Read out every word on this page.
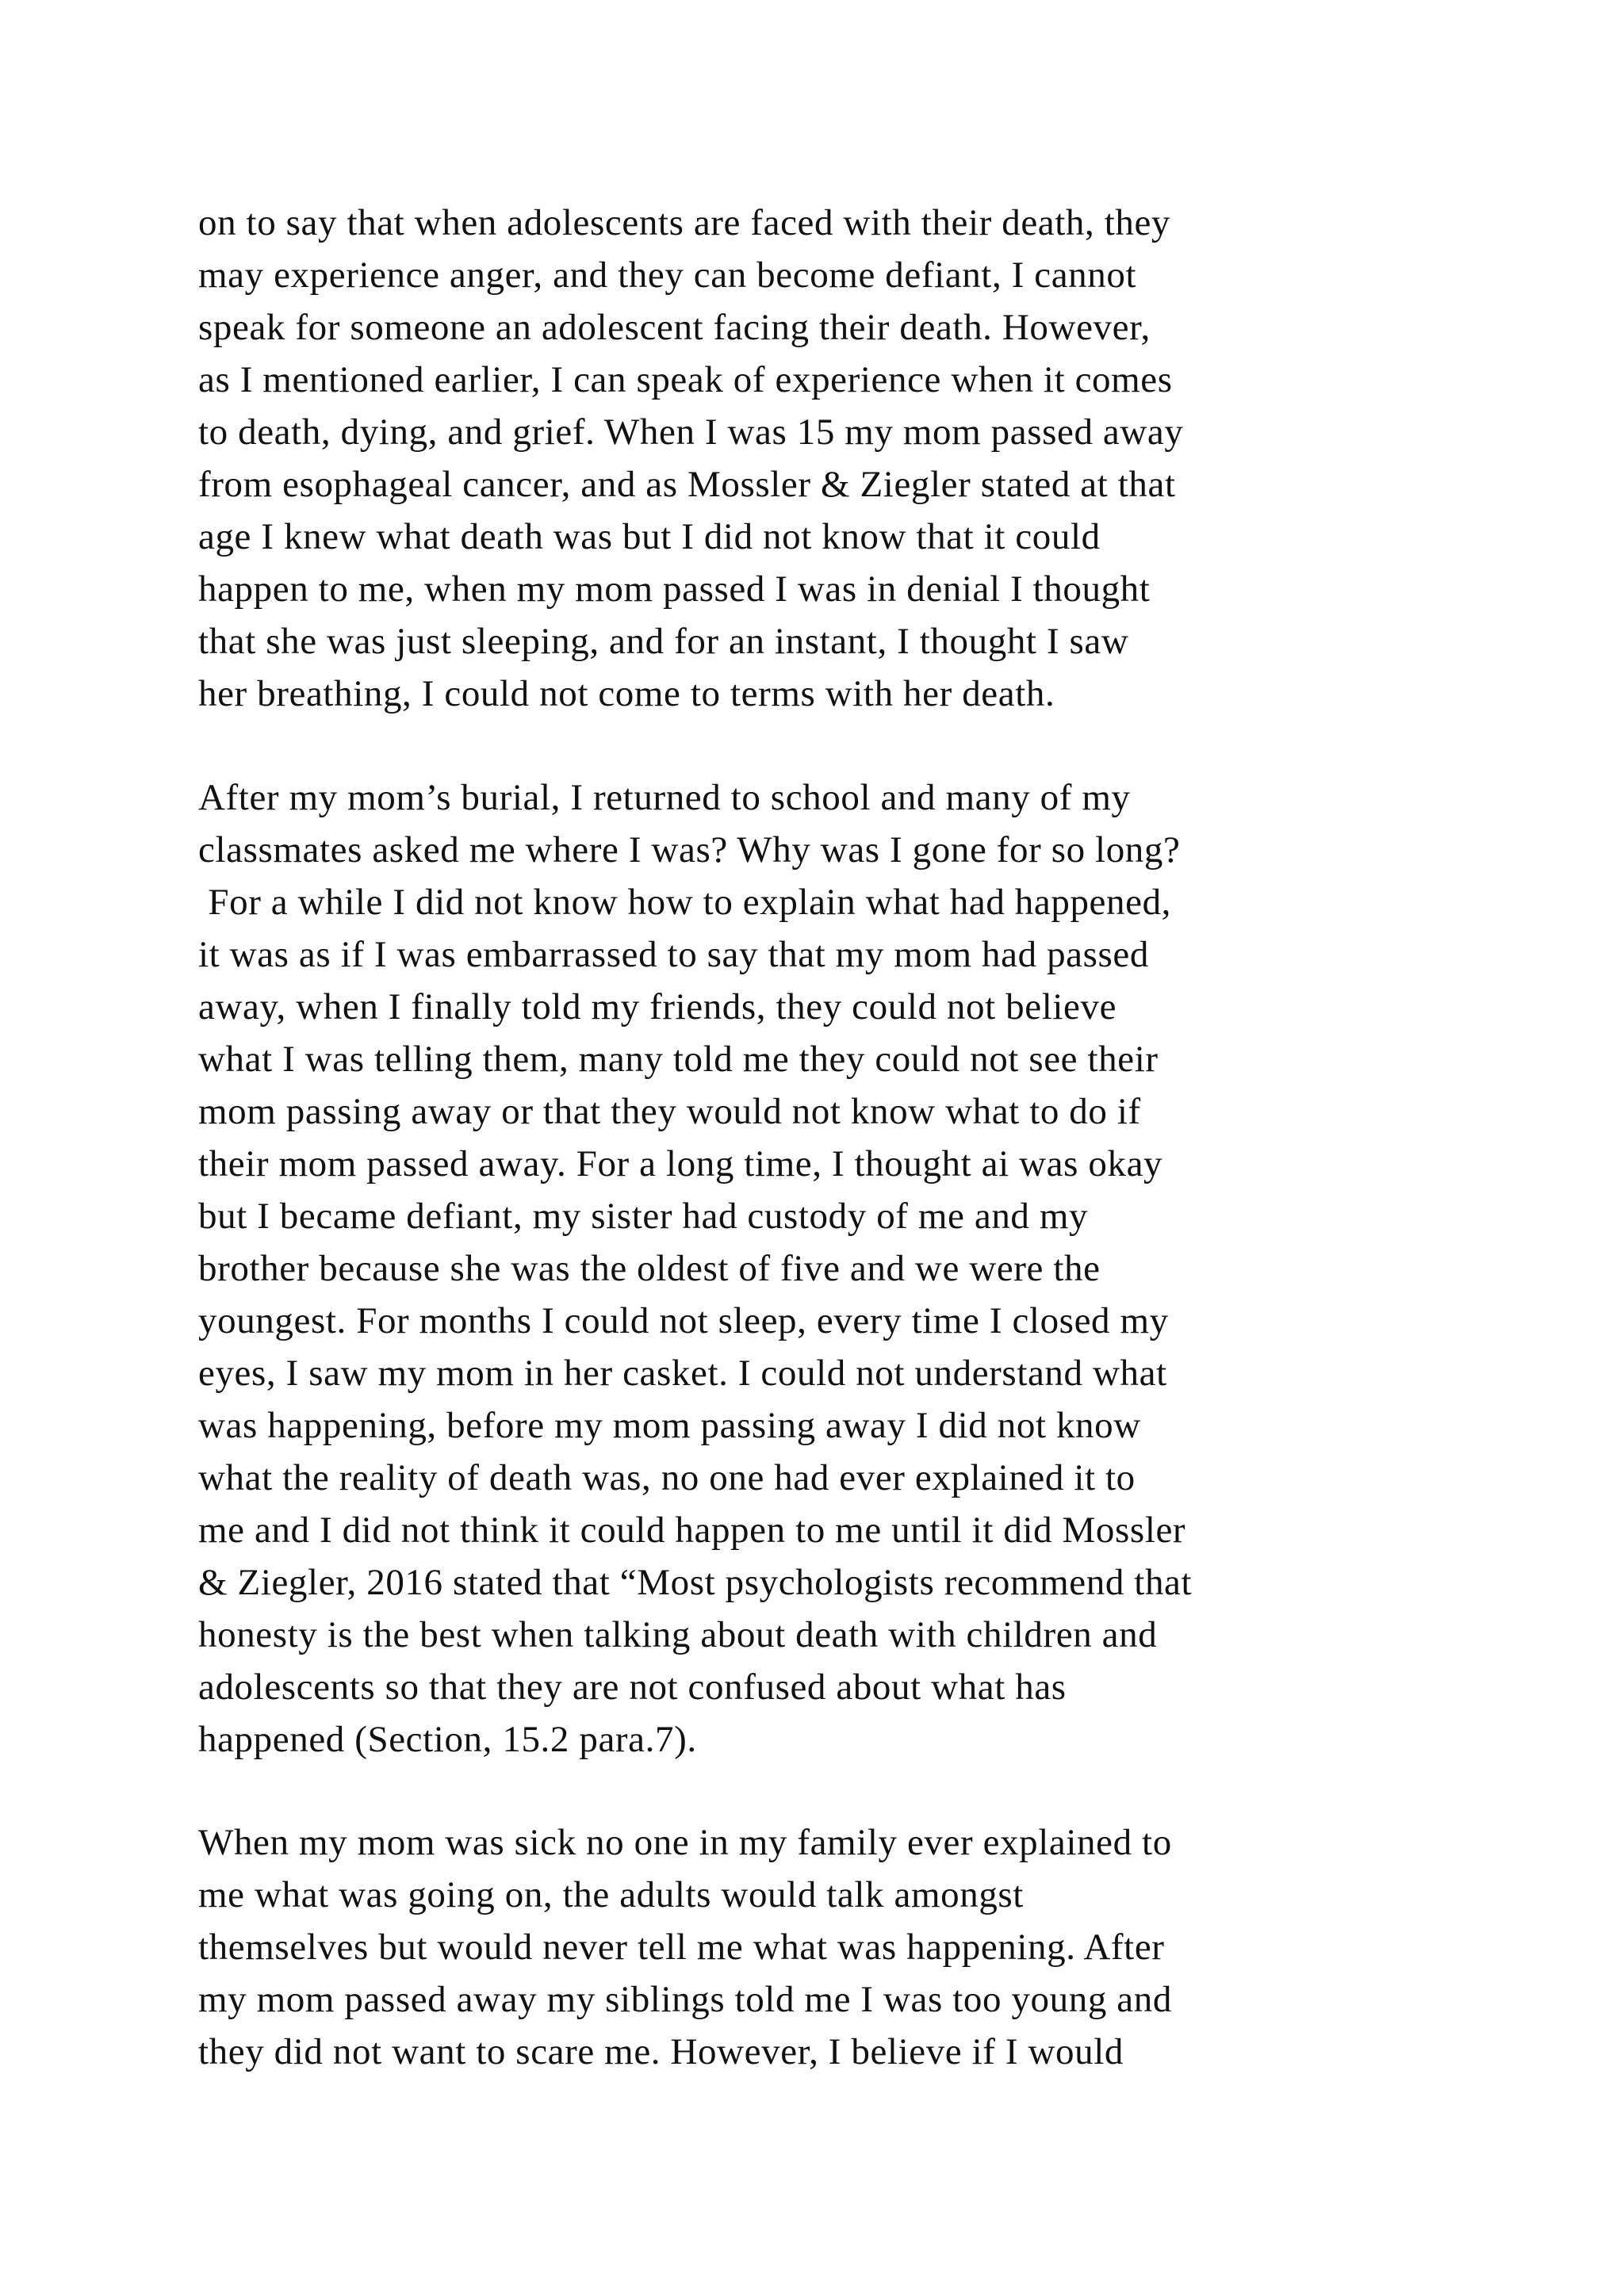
on to say that when adolescents are faced with their death, they
may experience anger, and they can become defiant, I cannot
speak for someone an adolescent facing their death. However,
as I mentioned earlier, I can speak of experience when it comes
to death, dying, and grief. When I was 15 my mom passed away
from esophageal cancer, and as Mossler & Ziegler stated at that
age I knew what death was but I did not know that it could
happen to me, when my mom passed I was in denial I thought
that she was just sleeping, and for an instant, I thought I saw
her breathing, I could not come to terms with her death.
After my mom’s burial, I returned to school and many of my
classmates asked me where I was? Why was I gone for so long?
For a while I did not know how to explain what had happened,
it was as if I was embarrassed to say that my mom had passed
away, when I finally told my friends, they could not believe
what I was telling them, many told me they could not see their
mom passing away or that they would not know what to do if
their mom passed away. For a long time, I thought ai was okay
but I became defiant, my sister had custody of me and my
brother because she was the oldest of five and we were the
youngest. For months I could not sleep, every time I closed my
eyes, I saw my mom in her casket. I could not understand what
was happening, before my mom passing away I did not know
what the reality of death was, no one had ever explained it to
me and I did not think it could happen to me until it did Mossler
& Ziegler, 2016 stated that “Most psychologists recommend that
honesty is the best when talking about death with children and
adolescents so that they are not confused about what has
happened (Section, 15.2 para.7).
When my mom was sick no one in my family ever explained to
me what was going on, the adults would talk amongst
themselves but would never tell me what was happening. After
my mom passed away my siblings told me I was too young and
they did not want to scare me. However, I believe if I would
